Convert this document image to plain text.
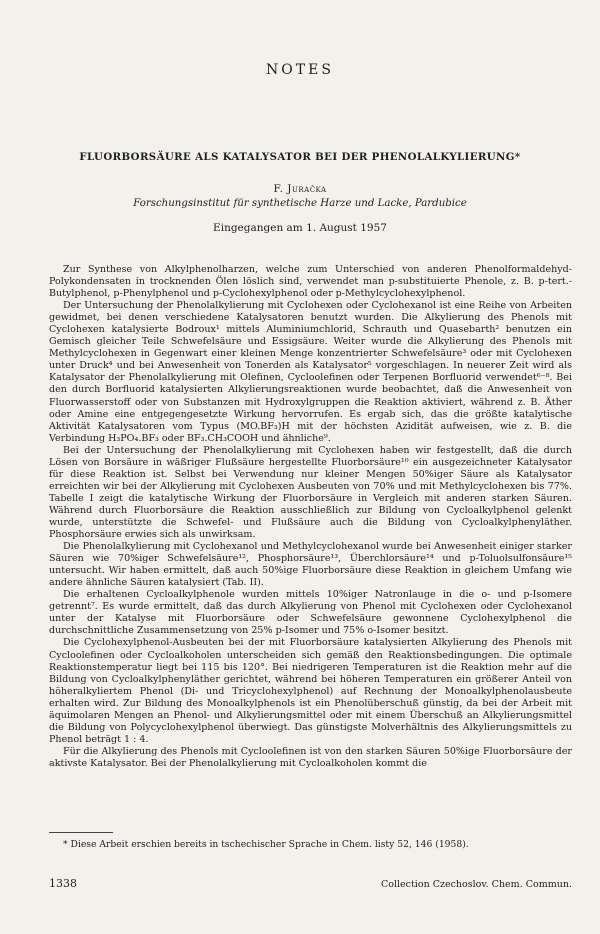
NOTES
FLUORBORSÄURE ALS KATALYSATOR BEI DER PHENOLALKYLIERUNG*
F. Juračka
Forschungsinstitut für synthetische Harze und Lacke, Pardubice
Eingegangen am 1. August 1957

Zur Synthese von Alkylphenolharzen, welche zum Unterschied von anderen Phenolformaldehyd-Polykondensaten in trocknenden Ölen löslich sind, verwendet man p-substituierte Phenole, z. B. p-tert.-Butylphenol, p-Phenylphenol und p-Cyclohexylphenol oder p-Methylcyclohexylphenol.

Der Untersuchung der Phenolalkylierung mit Cyclohexen oder Cyclohexanol ist eine Reihe von Arbeiten gewidmet, bei denen verschiedene Katalysatoren benutzt wurden. Die Alkylierung des Phenols mit Cyclohexen katalysierte Bodroux¹ mittels Aluminiumchlorid, Schrauth und Quasebarth² benutzen ein Gemisch gleicher Teile Schwefelsäure und Essigsäure. Weiter wurde die Alkylierung des Phenols mit Methylcyclohexen in Gegenwart einer kleinen Menge konzentrierter Schwefelsäure³ oder mit Cyclohexen unter Druck⁴ und bei Anwesenheit von Tonerden als Katalysator⁵ vorgeschlagen. In neuerer Zeit wird als Katalysator der Phenolalkylierung mit Olefinen, Cycloolefinen oder Terpenen Borfluorid verwendet⁶⁻⁸. Bei den durch Borfluorid katalysierten Alkylierungsreaktionen wurde beobachtet, daß die Anwesenheit von Fluorwasserstoff oder von Substanzen mit Hydroxylgruppen die Reaktion aktiviert, während z. B. Äther oder Amine eine entgegengesetzte Wirkung hervorrufen. Es ergab sich, das die größte katalytische Aktivität Katalysatoren vom Typus (MO.BF₃)H mit der höchsten Azidität aufweisen, wie z. B. die Verbindung H₃PO₄.BF₃ oder BF₃.CH₃COOH und ähnliche⁹.

Bei der Untersuchung der Phenolalkylierung mit Cyclohexen haben wir festgestellt, daß die durch Lösen von Borsäure in wäßriger Flußsäure hergestellte Fluorborsäure¹⁰ ein ausgezeichneter Katalysator für diese Reaktion ist. Selbst bei Verwendung nur kleiner Mengen 50%iger Säure als Katalysator erreichten wir bei der Alkylierung mit Cyclohexen Ausbeuten von 70% und mit Methylcyclohexen bis 77%. Tabelle I zeigt die katalytische Wirkung der Fluorborsäure in Vergleich mit anderen starken Säuren. Während durch Fluorborsäure die Reaktion ausschließlich zur Bildung von Cycloalkylphenol gelenkt wurde, unterstützte die Schwefel- und Flußsäure auch die Bildung von Cycloalkylphenyläther. Phosphorsäure erwies sich als unwirksam.

Die Phenolalkylierung mit Cyclohexanol und Methylcyclohexanol wurde bei Anwesenheit einiger starker Säuren wie 70%iger Schwefelsäure¹², Phosphorsäure¹³, Überchlorsäure¹⁴ und p-Toluolsulfonsäure¹⁵ untersucht. Wir haben ermittelt, daß auch 50%ige Fluorborsäure diese Reaktion in gleichem Umfang wie andere ähnliche Säuren katalysiert (Tab. II).

Die erhaltenen Cycloalkylphenole wurden mittels 10%iger Natronlauge in die o- und p-Isomere getrennt⁷. Es wurde ermittelt, daß das durch Alkylierung von Phenol mit Cyclohexen oder Cyclohexanol unter der Katalyse mit Fluorborsäure oder Schwefelsäure gewonnene Cyclohexylphenol die durchschnittliche Zusammensetzung von 25% p-Isomer und 75% o-Isomer besitzt.

Die Cyclohexylphenol-Ausbeuten bei der mit Fluorborsäure katalysierten Alkylierung des Phenols mit Cycloolefinen oder Cycloalkoholen unterscheiden sich gemäß den Reaktionsbedingungen. Die optimale Reaktionstemperatur liegt bei 115 bis 120°. Bei niedrigeren Temperaturen ist die Reaktion mehr auf die Bildung von Cycloalkylphenyläther gerichtet, während bei höheren Temperaturen ein größerer Anteil von höheralkyliertem Phenol (Di- und Tricyclohexylphenol) auf Rechnung der Monoalkylphenolausbeute erhalten wird. Zur Bildung des Monoalkylphenols ist ein Phenolüberschuß günstig, da bei der Arbeit mit äquimolaren Mengen an Phenol- und Alkylierungsmittel oder mit einem Überschuß an Alkylierungsmittel die Bildung von Polycyclohexylphenol überwiegt. Das günstigste Molverhältnis des Alkylierungsmittels zu Phenol beträgt 1 : 4.

Für die Alkylierung des Phenols mit Cycloolefinen ist von den starken Säuren 50%ige Fluorborsäure der aktivste Katalysator. Bei der Phenolalkylierung mit Cycloalkoholen kommt die

* Diese Arbeit erschien bereits in tschechischer Sprache in Chem. listy 52, 146 (1958).
1338	Collection Czechoslov. Chem. Commun.
